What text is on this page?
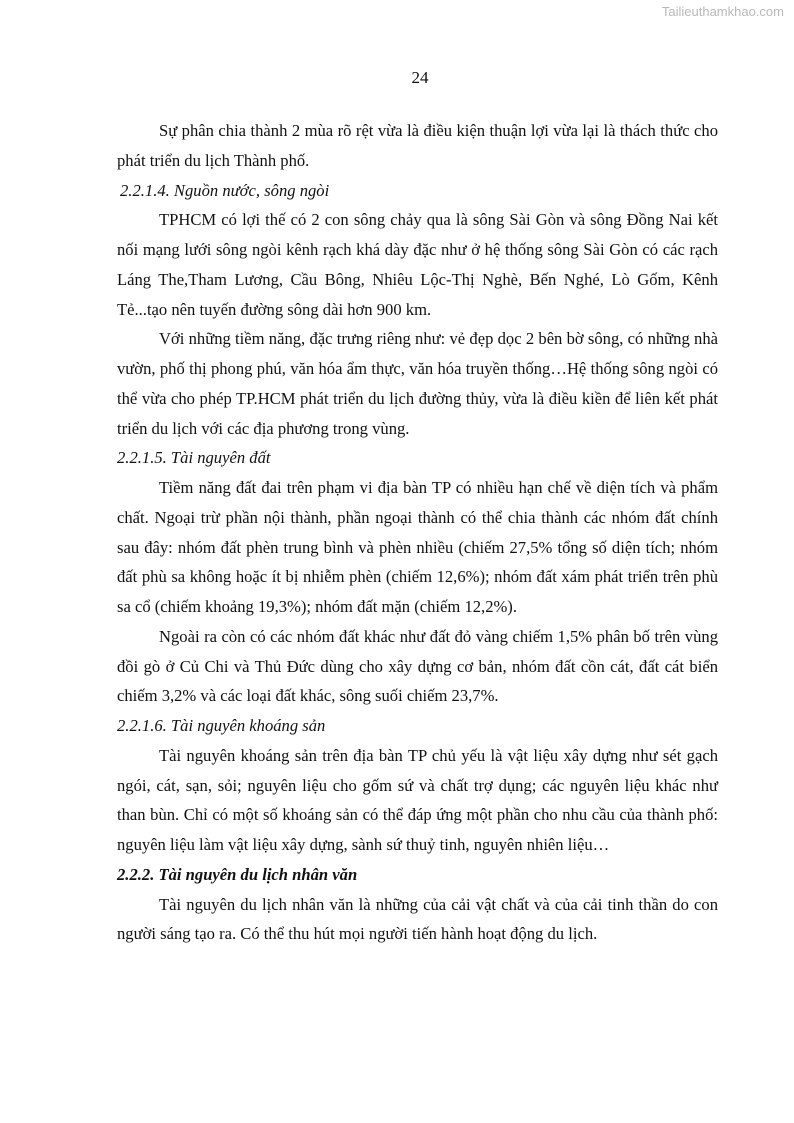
Tailieuthamkhao.com
24

Sự phân chia thành 2 mùa rõ rệt vừa là điều kiện thuận lợi vừa lại là thách thức cho phát triển du lịch Thành phố.

2.2.1.4. Nguồn nước, sông ngòi

TPHCM có lợi thế có 2 con sông chảy qua là sông Sài Gòn và sông Đồng Nai kết nối mạng lưới sông ngòi kênh rạch khá dày đặc như ở hệ thống sông Sài Gòn có các rạch Láng The,Tham Lương, Cầu Bông, Nhiêu Lộc-Thị Nghè, Bến Nghé, Lò Gốm, Kênh Tẻ...tạo nên tuyến đường sông dài hơn 900 km.

Với những tiềm năng, đặc trưng riêng như: vẻ đẹp dọc 2 bên bờ sông, có những nhà vườn, phố thị phong phú, văn hóa ẩm thực, văn hóa truyền thống…Hệ thống sông ngòi có thể vừa cho phép TP.HCM phát triển du lịch đường thủy, vừa là điều kiền để liên kết phát triển du lịch với các địa phương trong vùng.

2.2.1.5. Tài nguyên đất

Tiềm năng đất đai trên phạm vi địa bàn TP có nhiều hạn chế về diện tích và phẩm chất. Ngoại trừ phần nội thành, phần ngoại thành có thể chia thành các nhóm đất chính sau đây: nhóm đất phèn trung bình và phèn nhiều (chiếm 27,5% tổng số diện tích; nhóm đất phù sa không hoặc ít bị nhiễm phèn (chiếm 12,6%); nhóm đất xám phát triển trên phù sa cổ (chiếm khoảng 19,3%); nhóm đất mặn (chiếm 12,2%).

Ngoài ra còn có các nhóm đất khác như đất đỏ vàng chiếm 1,5% phân bố trên vùng đồi gò ở Củ Chi và Thủ Đức dùng cho xây dựng cơ bản, nhóm đất cồn cát, đất cát biển chiếm 3,2% và các loại đất khác, sông suối chiếm 23,7%.

2.2.1.6. Tài nguyên khoáng sản

Tài nguyên khoáng sản trên địa bàn TP chủ yếu là vật liệu xây dựng như sét gạch ngói, cát, sạn, sỏi; nguyên liệu cho gốm sứ và chất trợ dụng; các nguyên liệu khác như than bùn. Chỉ có một số khoáng sản có thể đáp ứng một phần cho nhu cầu của thành phố: nguyên liệu làm vật liệu xây dựng, sành sứ thuỷ tinh, nguyên nhiên liệu…

2.2.2. Tài nguyên du lịch nhân văn

Tài nguyên du lịch nhân văn là những của cải vật chất và của cải tinh thần do con người sáng tạo ra. Có thể thu hút mọi người tiến hành hoạt động du lịch.
